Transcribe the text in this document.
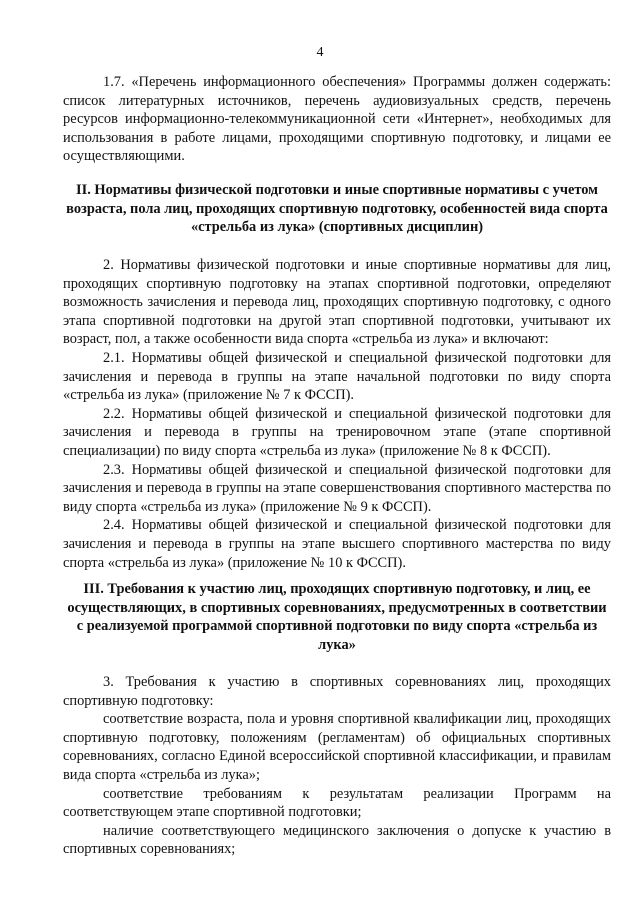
4

1.7. «Перечень информационного обеспечения» Программы должен содержать: список литературных источников, перечень аудиовизуальных средств, перечень ресурсов информационно-телекоммуникационной сети «Интернет», необходимых для использования в работе лицами, проходящими спортивную подготовку, и лицами ее осуществляющими.

II. Нормативы физической подготовки и иные спортивные нормативы с учетом возраста, пола лиц, проходящих спортивную подготовку, особенностей вида спорта «стрельба из лука» (спортивных дисциплин)

2. Нормативы физической подготовки и иные спортивные нормативы для лиц, проходящих спортивную подготовку на этапах спортивной подготовки, определяют возможность зачисления и перевода лиц, проходящих спортивную подготовку, с одного этапа спортивной подготовки на другой этап спортивной подготовки, учитывают их возраст, пол, а также особенности вида спорта «стрельба из лука» и включают:

2.1. Нормативы общей физической и специальной физической подготовки для зачисления и перевода в группы на этапе начальной подготовки по виду спорта «стрельба из лука» (приложение № 7 к ФССП).

2.2. Нормативы общей физической и специальной физической подготовки для зачисления и перевода в группы на тренировочном этапе (этапе спортивной специализации) по виду спорта «стрельба из лука» (приложение № 8 к ФССП).

2.3. Нормативы общей физической и специальной физической подготовки для зачисления и перевода в группы на этапе совершенствования спортивного мастерства по виду спорта «стрельба из лука» (приложение № 9 к ФССП).

2.4. Нормативы общей физической и специальной физической подготовки для зачисления и перевода в группы на этапе высшего спортивного мастерства по виду спорта «стрельба из лука» (приложение № 10 к ФССП).

III. Требования к участию лиц, проходящих спортивную подготовку, и лиц, ее осуществляющих, в спортивных соревнованиях, предусмотренных в соответствии с реализуемой программой спортивной подготовки по виду спорта «стрельба из лука»

3. Требования к участию в спортивных соревнованиях лиц, проходящих спортивную подготовку:

соответствие возраста, пола и уровня спортивной квалификации лиц, проходящих спортивную подготовку, положениям (регламентам) об официальных спортивных соревнованиях, согласно Единой всероссийской спортивной классификации, и правилам вида спорта «стрельба из лука»;

соответствие требованиям к результатам реализации Программ на соответствующем этапе спортивной подготовки;

наличие соответствующего медицинского заключения о допуске к участию в спортивных соревнованиях;
